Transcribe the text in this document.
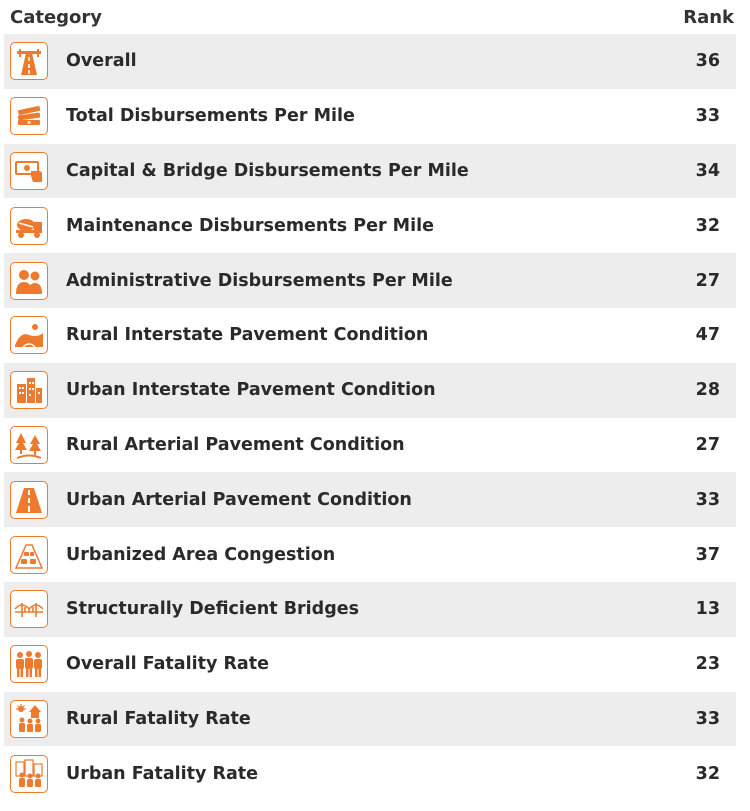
Category	Rank
Overall	36
Total Disbursements Per Mile	33
Capital & Bridge Disbursements Per Mile	34
Maintenance Disbursements Per Mile	32
Administrative Disbursements Per Mile	27
Rural Interstate Pavement Condition	47
Urban Interstate Pavement Condition	28
Rural Arterial Pavement Condition	27
Urban Arterial Pavement Condition	33
Urbanized Area Congestion	37
Structurally Deficient Bridges	13
Overall Fatality Rate	23
Rural Fatality Rate	33
Urban Fatality Rate	32
